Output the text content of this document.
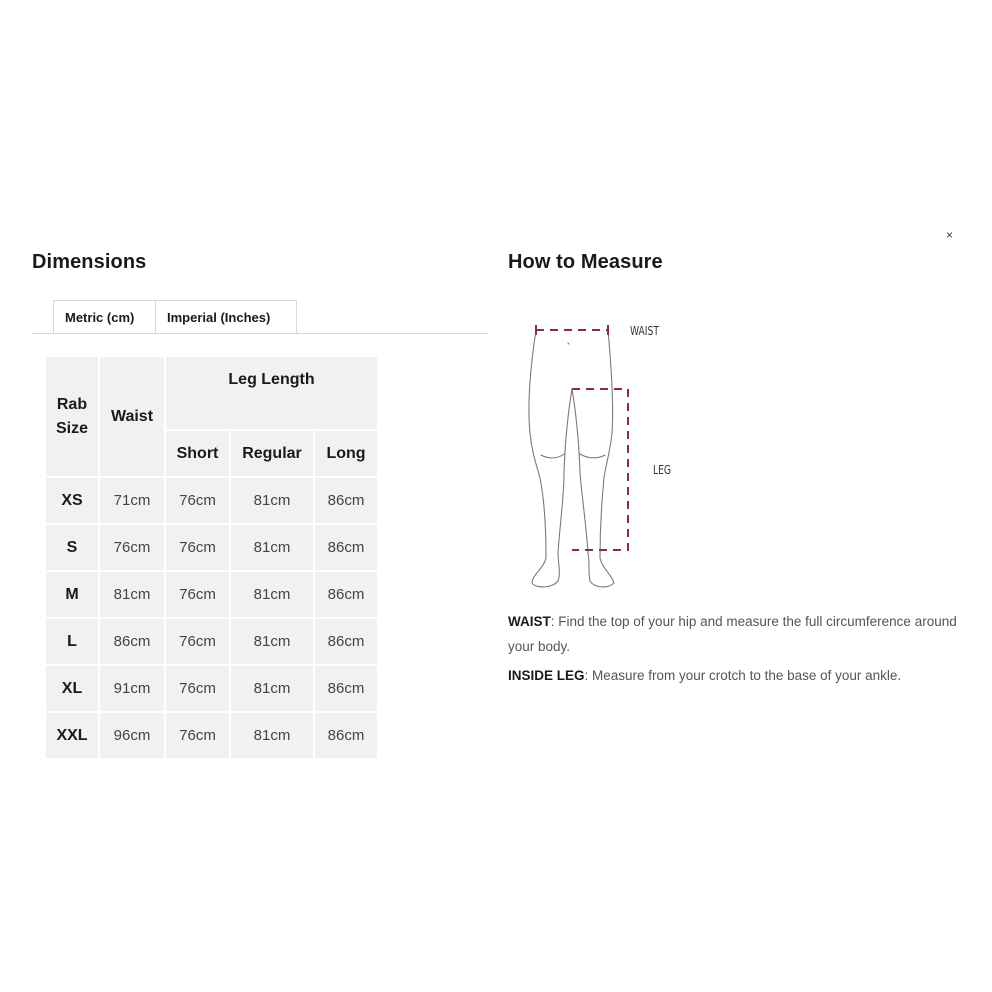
×
Dimensions
Metric (cm)	Imperial (Inches)
Rab Size	Waist	Leg Length		
		Short	Regular	Long
XS	71cm	76cm	81cm	86cm
S	76cm	76cm	81cm	86cm
M	81cm	76cm	81cm	86cm
L	86cm	76cm	81cm	86cm
XL	91cm	76cm	81cm	86cm
XXL	96cm	76cm	81cm	86cm
How to Measure
WAIST
LEG

WAIST: Find the top of your hip and measure the full circumference around your body.

INSIDE LEG: Measure from your crotch to the base of your ankle.
